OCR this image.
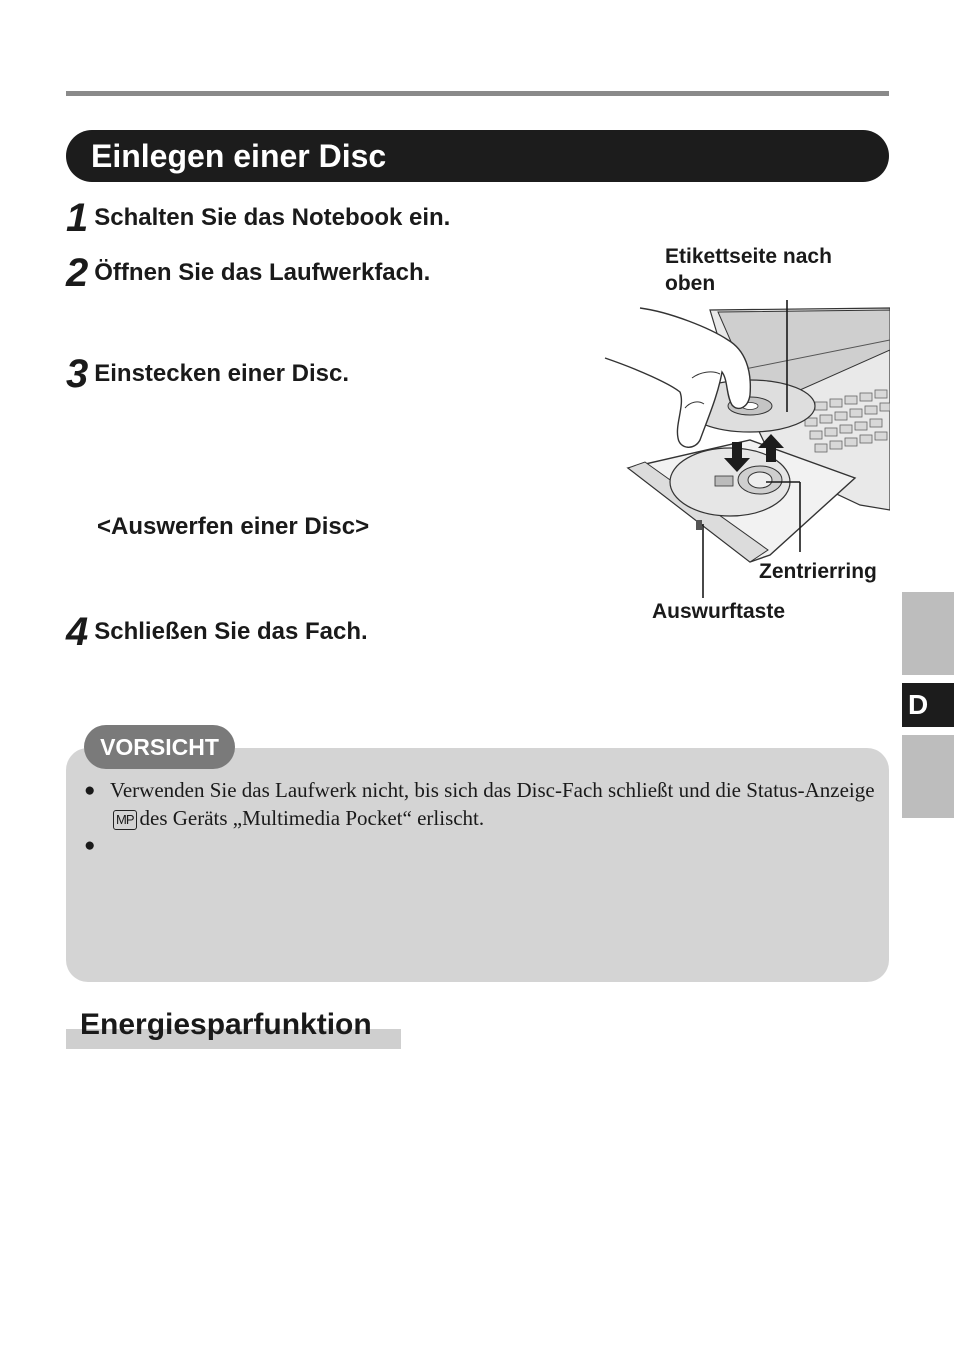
Einlegen einer Disc
1 Schalten Sie das Notebook ein.
2 Öffnen Sie das Laufwerkfach.
3 Einstecken einer Disc.
<Auswerfen einer Disc>
4 Schließen Sie das Fach.
Etikettseite nach
oben
Zentrierring
Auswurftaste
VORSICHT
●
●
Verwenden Sie das Laufwerk nicht, bis sich das Disc-Fach schließt und die Status-AnzeigeMP des Geräts „Multimedia Pocket“ erlischt.
Energiesparfunktion
D
